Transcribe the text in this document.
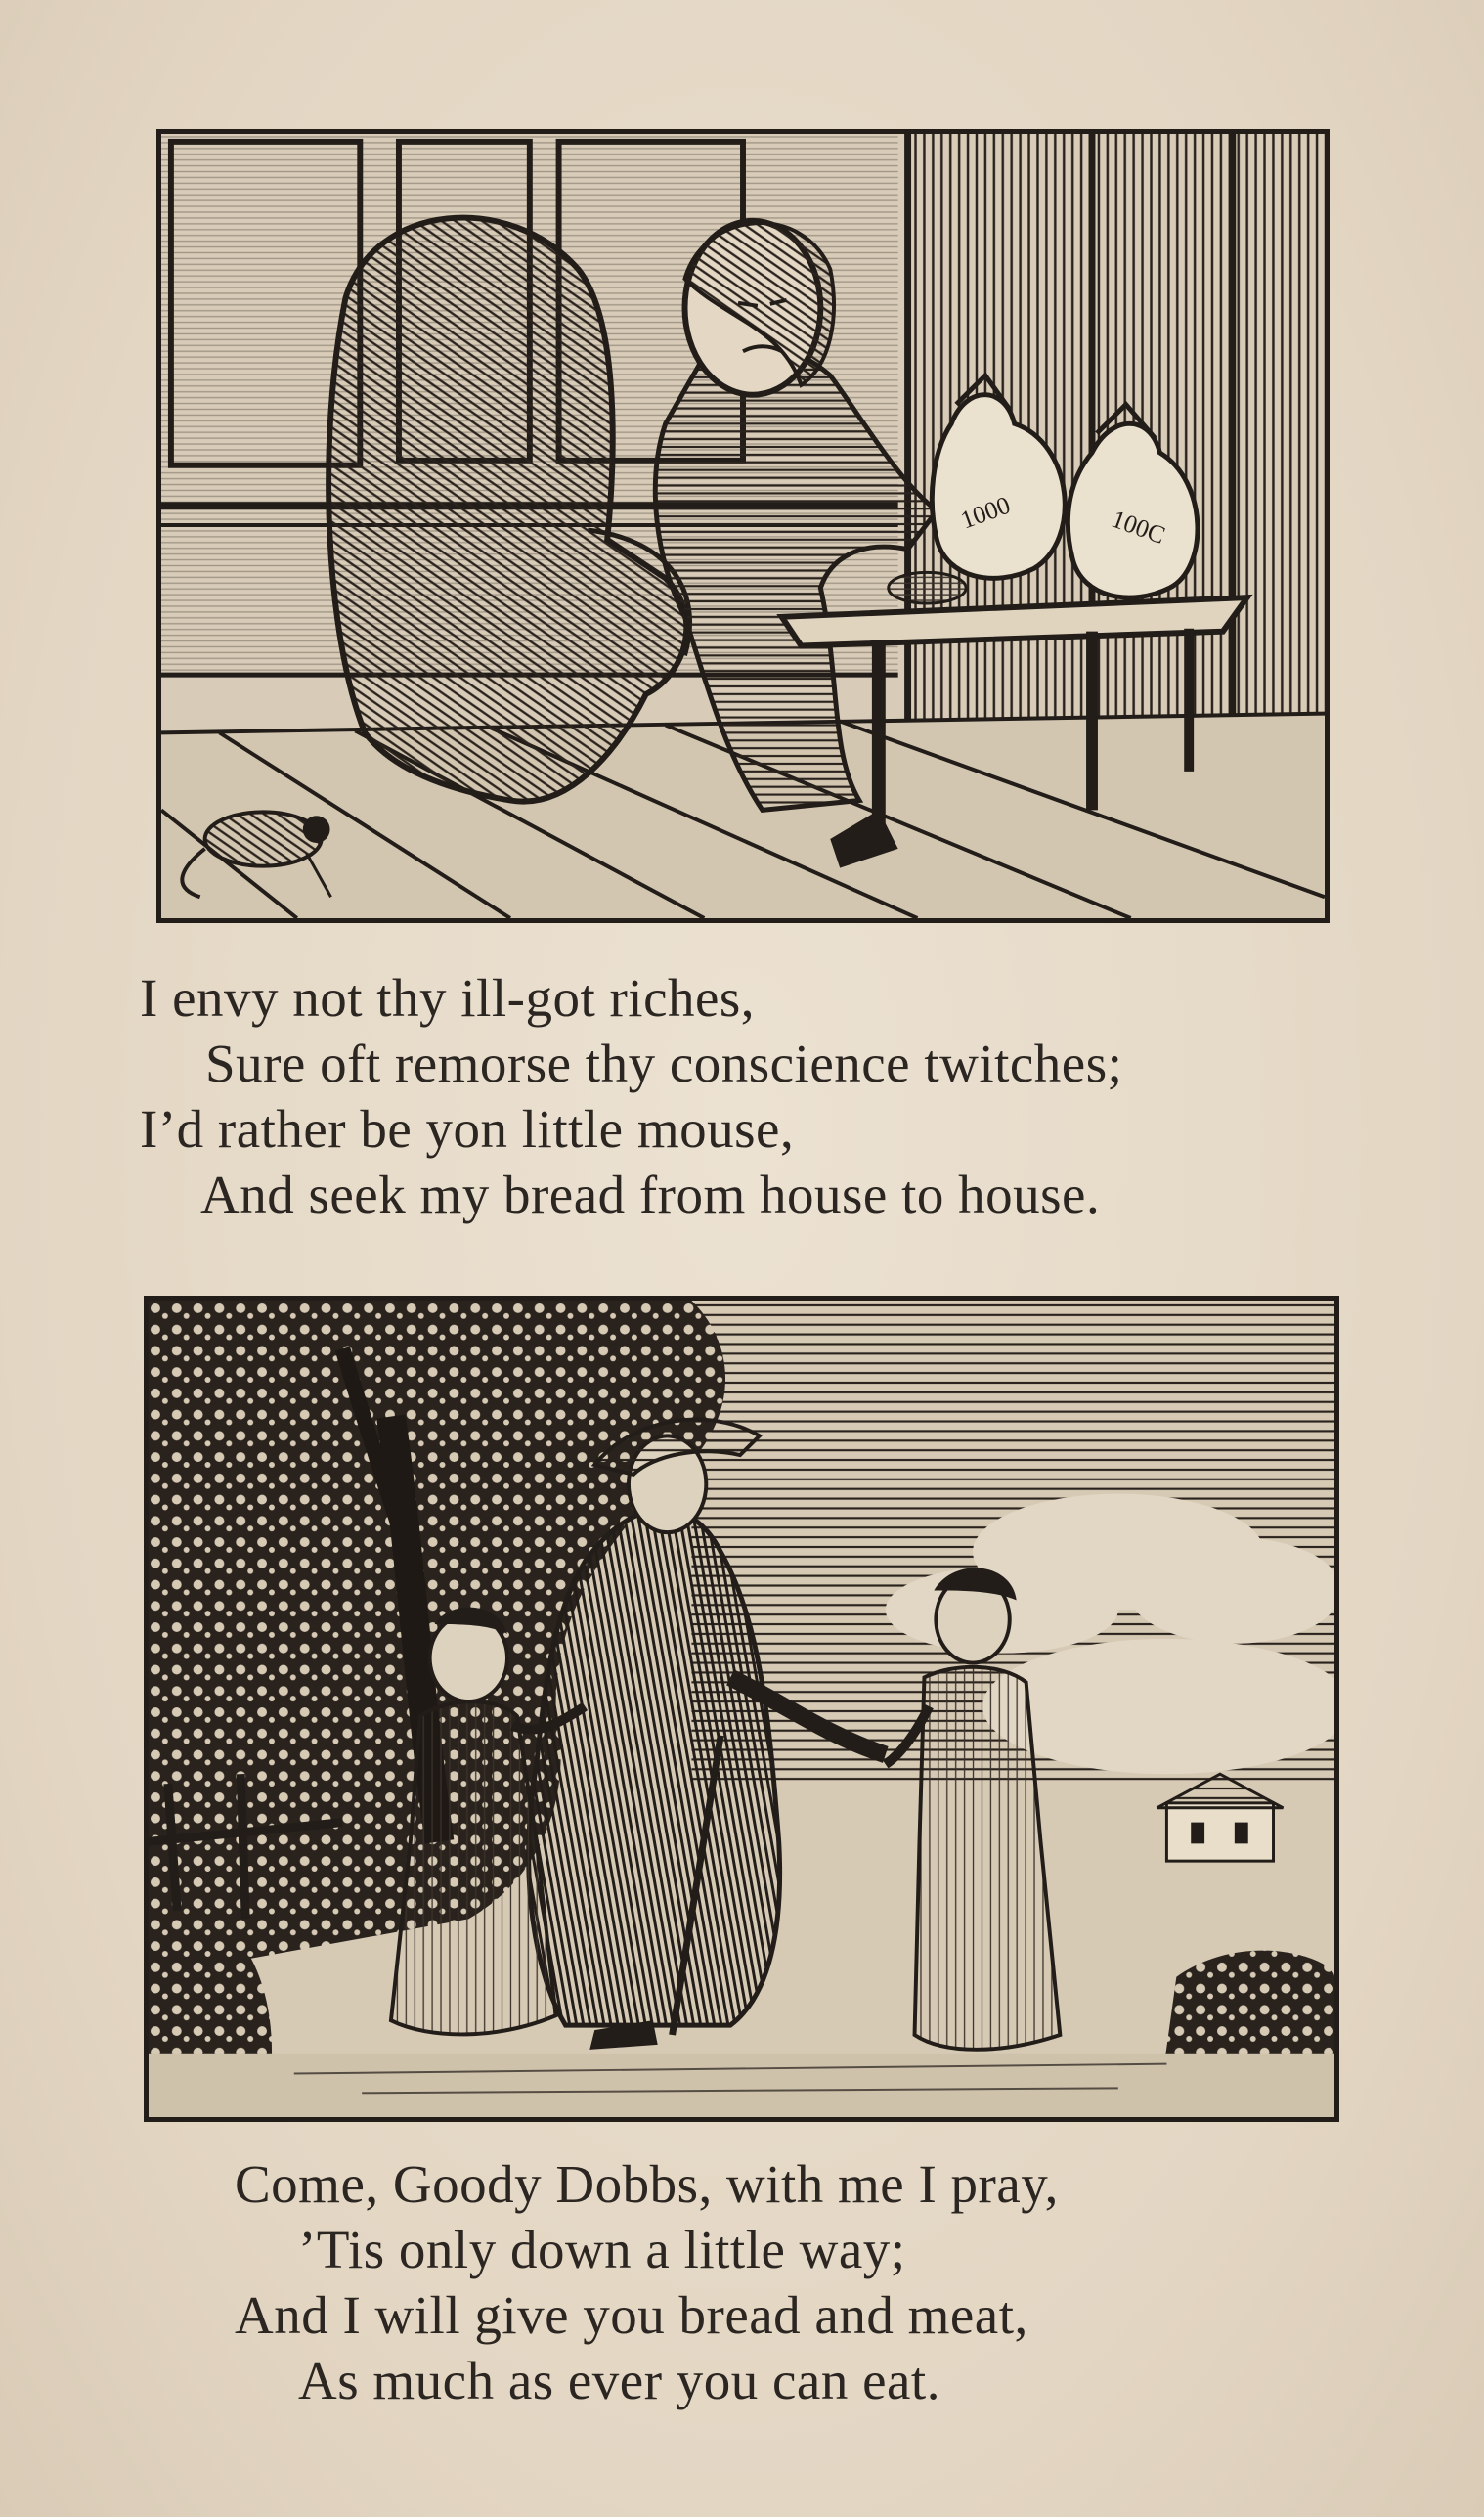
1000	100C
I envy not thy ill-got riches,
Sure oft remorse thy conscience twitches;
I’d rather be yon little mouse,
And seek my bread from house to house.
Come, Goody Dobbs, with me I pray,
’Tis only down a little way;
And I will give you bread and meat,
As much as ever you can eat.
